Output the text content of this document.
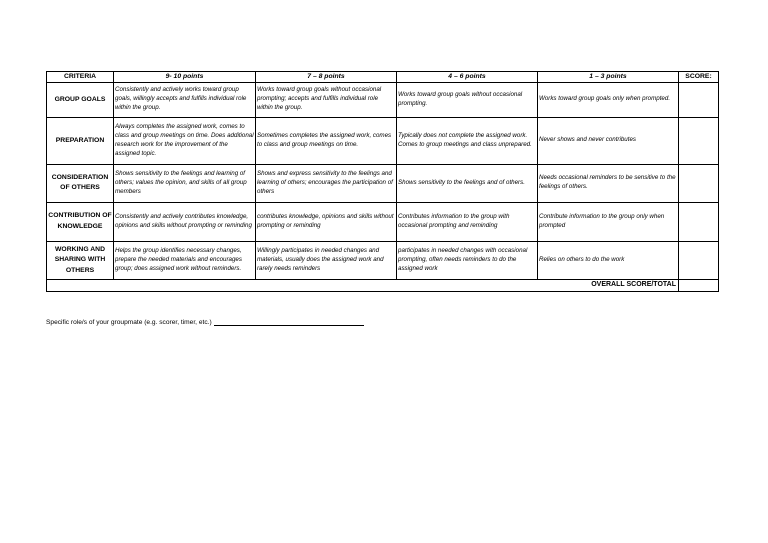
CRITERIA	9- 10 points	7 – 8 points	4 – 6 points	1 – 3 points	SCORE:
GROUP GOALS	Consistently and actively works toward group goals, willingly accepts and fulfills individual role within the group.	Works toward group goals without occasional prompting; accepts and fulfills individual role within the group.	Works toward group goals without occasional prompting.	Works toward group goals only when prompted.	
PREPARATION	Always completes the assigned work, comes to class and group meetings on time. Does additional research work for the improvement of the assigned topic.	Sometimes completes the assigned work, comes to class and group meetings on time.	Typically does not complete the assigned work. Comes to group meetings and class unprepared.	Never shows and never contributes	
CONSIDERATION OF OTHERS	Shows sensitivity to the feelings and learning of others; values the opinion, and skills of all group members	Shows and express sensitivity to the feelings and learning of others; encourages the participation of others	Shows sensitivity to the feelings and of others.	Needs occasional reminders to be sensitive to the feelings of others.	
CONTRIBUTION OF KNOWLEDGE	Consistently and actively contributes knowledge, opinions and skills without prompting or reminding	contributes knowledge, opinions and skills without prompting or reminding	Contributes information to the group with occasional prompting and reminding	Contribute information to the group only when prompted	
WORKING AND SHARING WITH OTHERS	Helps the group identifies necessary changes, prepare the needed materials and encourages group; does assigned work without reminders.	Willingly participates in needed changes and materials, usually does the assigned work and rarely needs reminders	participates in needed changes with occasional prompting, often needs reminders to do the assigned work	Relies on others to do the work	
OVERALL SCORE/TOTAL					
Specific role/s of your groupmate (e.g. scorer, timer, etc.)
